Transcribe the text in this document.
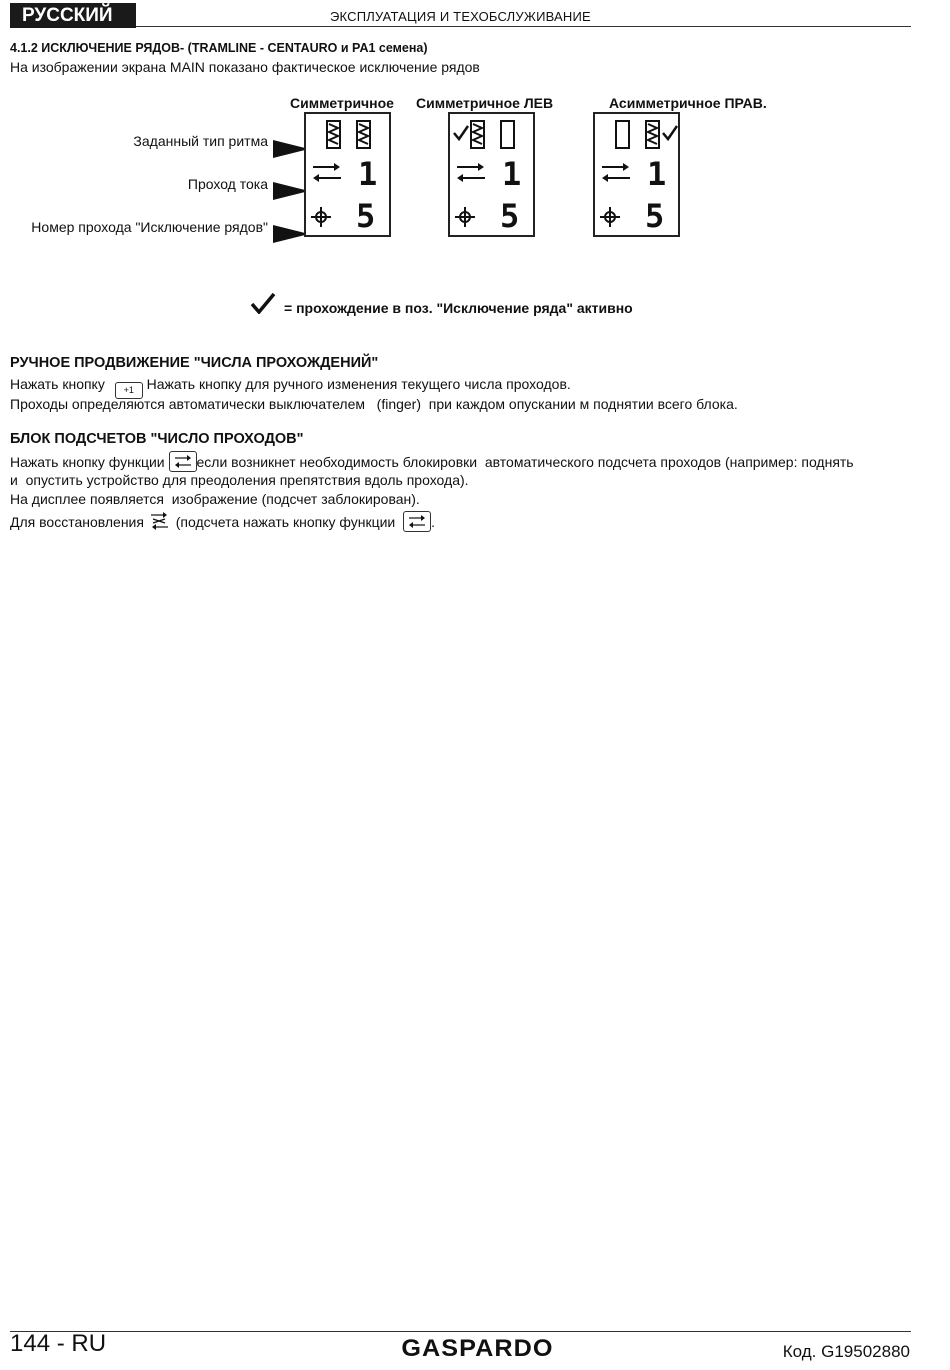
РУССКИЙ	ЭКСПЛУАТАЦИЯ И ТЕХОБСЛУЖИВАНИЕ
4.1.2 ИСКЛЮЧЕНИЕ РЯДОВ- (TRAMLINE - CENTAURO и PA1 семена)
На изображении экрана MAIN показано фактическое исключение рядов
Симметричное Симметричное ЛЕВ	Асимметричное ПРАВ.
Заданный тип ритма
Проход тока
Номер прохода "Исключение рядов"
1
5
1
5
1
5
= прохождение в поз. "Исключение ряда" активно
РУЧНОЕ ПРОДВИЖЕНИЕ "ЧИСЛА ПРОХОЖДЕНИЙ"
Нажать кнопку +1 Нажать кнопку для ручного изменения текущего числа проходов.
Проходы определяются автоматически выключателем   (finger)  при каждом опускании м поднятии всего блока.
БЛОК ПОДСЧЕТОВ "ЧИСЛО ПРОХОДОВ"
Нажать кнопку функции если возникнет необходимость блокировки  автоматического подсчета проходов (например: поднять
и  опустить устройство для преодоления препятствия вдоль прохода).
На дисплее появляется  изображение (подсчет заблокирован).
Для восстановления (подсчета нажать кнопку функции	.
144 - RU	GASPARDO	Код. G19502880
